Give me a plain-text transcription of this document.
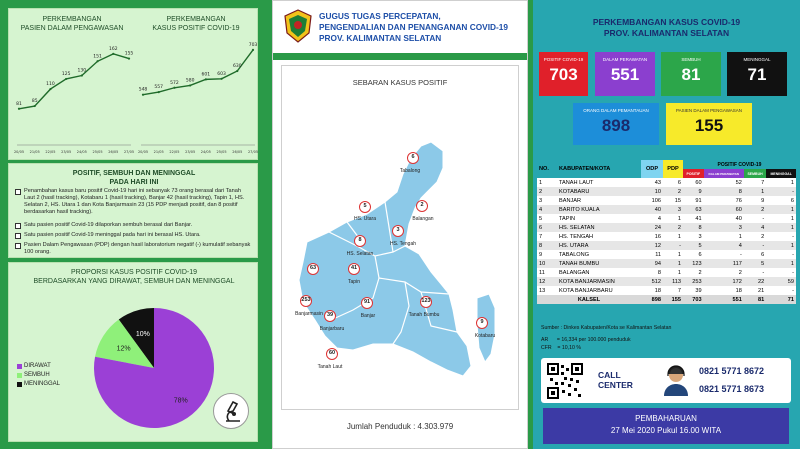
PERKEMBANGAN
PASIEN DALAM PENGAWASAN
PERKEMBANGAN
KASUS POSITIF COVID-19
81
20/05
85
21/05
110
22/05
125
23/05
130
24/05
151
25/05
162
26/05
155
27/05
548
20/05
557
21/05
572
22/05
580
23/05
601
24/05
603
25/05
630
26/05
703
27/05
POSITIF, SEMBUH DAN MENINGGAL
PADA HARI INI
Penambahan kasus baru positif Covid-19 hari ini sebanyak 73 orang berasal dari Tanah Laut 2 (hasil tracking), Kotabaru 1 (hasil tracking), Banjar 42 (hasil tracking), Tapin 1, HS. Selatan 2, HS. Utara 1 dan Kota Banjarmasin 23 (15 PDP menjadi positif, dan 8 positif berdasarkan hasil tracking).
Satu pasien positif Covid-19 dilaporkan sembuh berasal dari Banjar.
Satu pasien positif Covid-19 meninggal pada hari ini berasal HS. Utara.
Pasien Dalam Pengawasan (PDP) dengan hasil laboratorium negatif (-) kumulatif sebanyak 100 orang.
PROPORSI KASUS POSITIF COVID-19
BERDASARKAN YANG DIRAWAT, SEMBUH DAN MENINGGAL
10%
12%
78%
DIRAWAT
SEMBUH
MENINGGAL
GUGUS TUGAS PERCEPATAN,
PENGENDALIAN DAN PENANGANAN COVID-19
PROV. KALIMANTAN SELATAN
SEBARAN KASUS POSITIF
6
Tabalong
5
HS. Utara
2
Balangan
3
HS. Tengah
8
HS. Selatan
41
Tapin
63
253
Banjarmasin 39
Banjarbaru
91
Banjar
123
Tanah Bumbu
9
Kotabaru
60
Tanah Laut
Jumlah Penduduk : 4.303.979
PERKEMBANGAN KASUS COVID-19
PROV. KALIMANTAN SELATAN
POSITIF COVID-19
703
DALAM PERAWATAN
551
SEMBUH
81
MENINGGAL
71
ORANG DALAM PEMANTAUAN
898
PASIEN DALAM PENGAWASAN
155
NO.	KABUPATEN/KOTA	ODP	PDP	POSITIF COVID-19			
				POSITIF	DALAM PERAWATAN	SEMBUH	MENINGGAL
1	TANAH LAUT	43	6	60	52	7	1
2	KOTABARU	10	2	9	8	1	-
3	BANJAR	106	15	91	76	9	6
4	BARITO KUALA	40	3	63	60	2	1
5	TAPIN	4	1	41	40	-	1
6	HS. SELATAN	24	2	8	3	4	1
7	HS. TENGAH	16	1	3	1	2	-
8	HS. UTARA	12	-	5	4	-	1
9	TABALONG	11	1	6	-	6	-
10	TANAH BUMBU	94	1	123	117	5	1
11	BALANGAN	8	1	2	2	-	-
12	KOTA BANJARMASIN	512	113	253	172	22	59
13	KOTA BANJARBARU	18	7	39	18	21	-
KALSEL		898	155	703	551	81	71
Sumber : Dinkes Kabupaten/Kota se Kalimantan Selatan
AR      = 16,334 per 100.000 penduduk
CFR    = 10,10 %
CALL
CENTER
0821 5771 8672
0821 5771 8673
PEMBAHARUAN
27 Mei 2020 Pukul 16.00 WITA
